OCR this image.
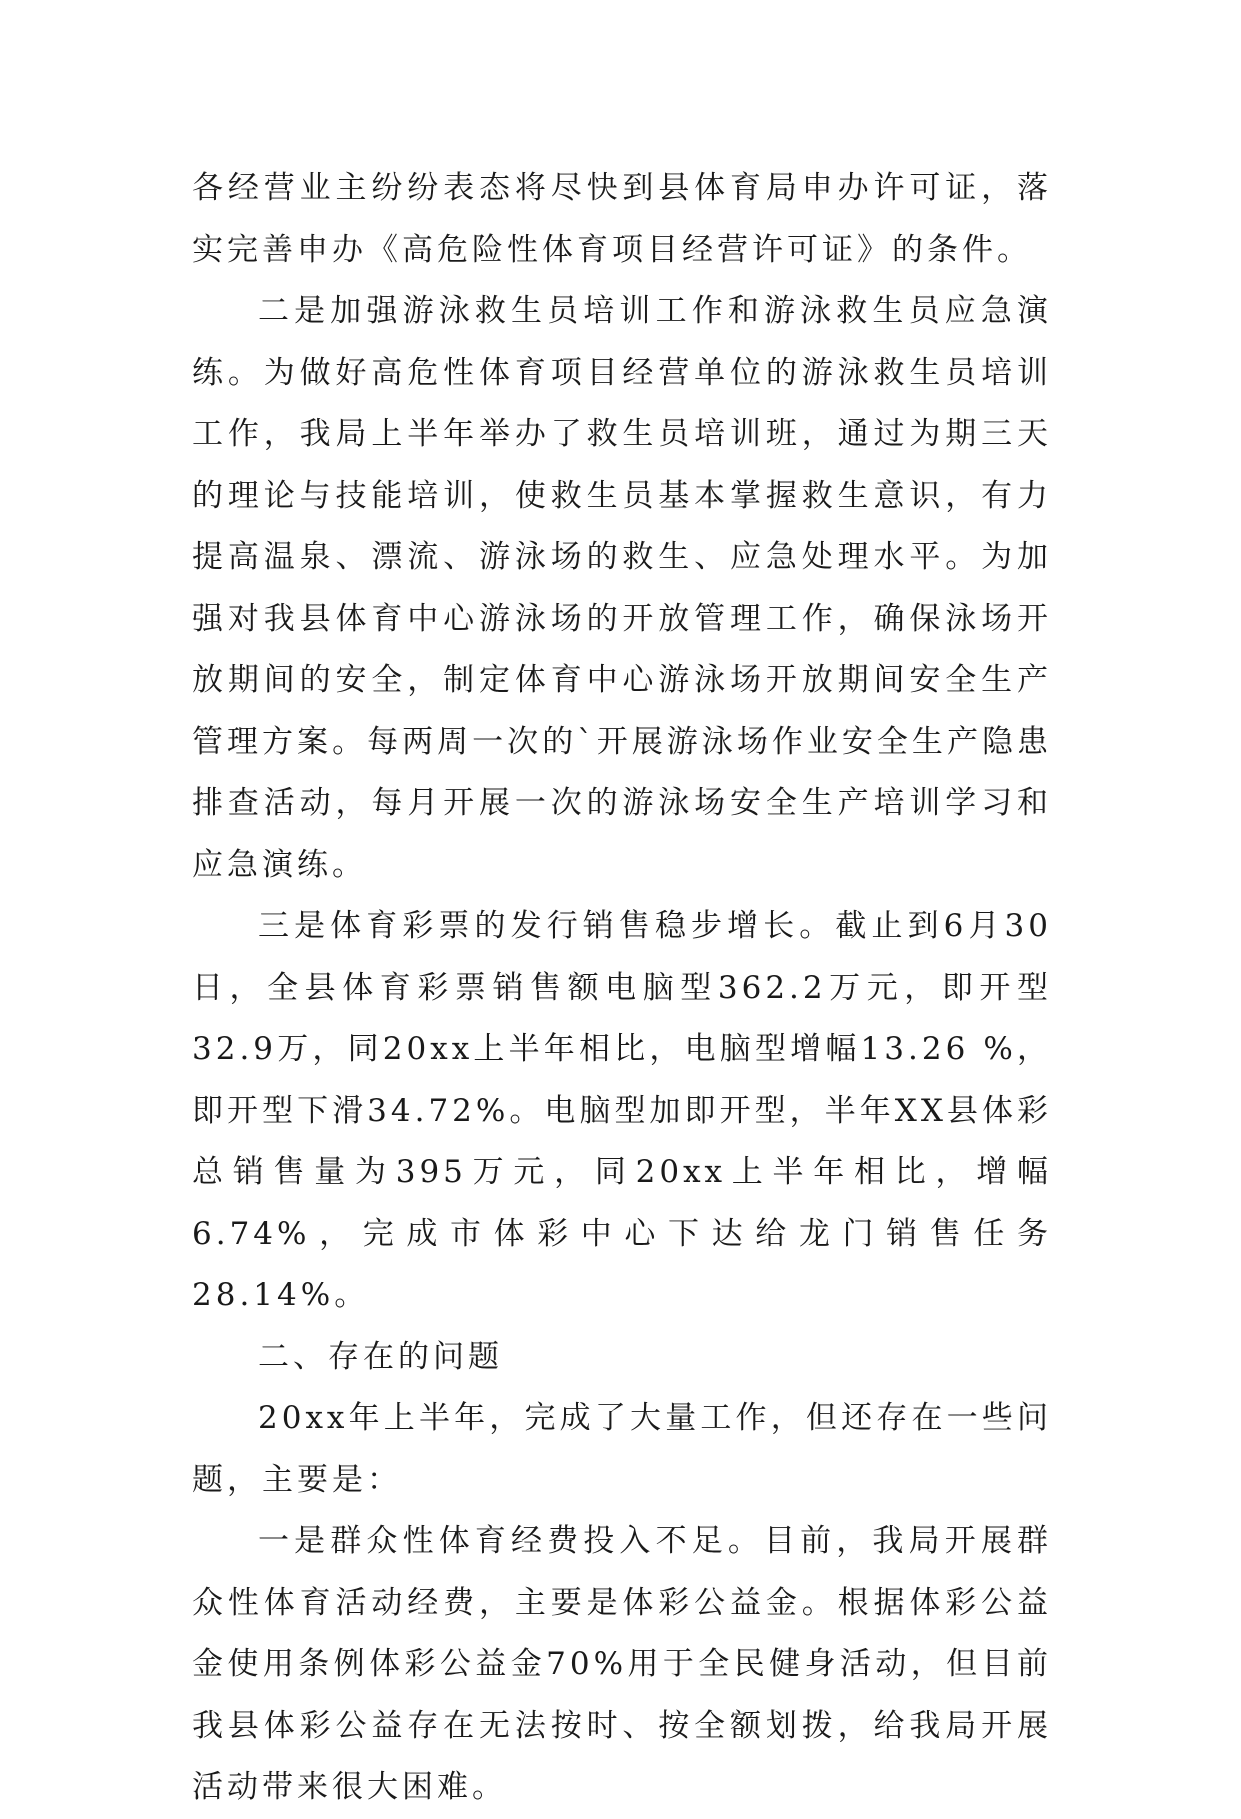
各经营业主纷纷表态将尽快到县体育局申办许可证，落实完善申办《高危险性体育项目经营许可证》的条件。

二是加强游泳救生员培训工作和游泳救生员应急演练。为做好高危性体育项目经营单位的游泳救生员培训工作，我局上半年举办了救生员培训班，通过为期三天的理论与技能培训，使救生员基本掌握救生意识，有力提高温泉、漂流、游泳场的救生、应急处理水平。为加强对我县体育中心游泳场的开放管理工作，确保泳场开放期间的安全，制定体育中心游泳场开放期间安全生产管理方案。每两周一次的`开展游泳场作业安全生产隐患排查活动，每月开展一次的游泳场安全生产培训学习和应急演练。

三是体育彩票的发行销售稳步增长。截止到6月30日，全县体育彩票销售额电脑型362.2万元，即开型32.9万，同20xx上半年相比，电脑型增幅13.26 %，即开型下滑34.72%。电脑型加即开型，半年XX县体彩总销售量为395万元，同20xx上半年相比，增幅6.74%，完成市体彩中心下达给龙门销售任务28.14%。

二、存在的问题

20xx年上半年，完成了大量工作，但还存在一些问题，主要是：

一是群众性体育经费投入不足。目前，我局开展群众性体育活动经费，主要是体彩公益金。根据体彩公益金使用条例体彩公益金70%用于全民健身活动，但目前我县体彩公益存在无法按时、按全额划拨，给我局开展活动带来很大困难。
